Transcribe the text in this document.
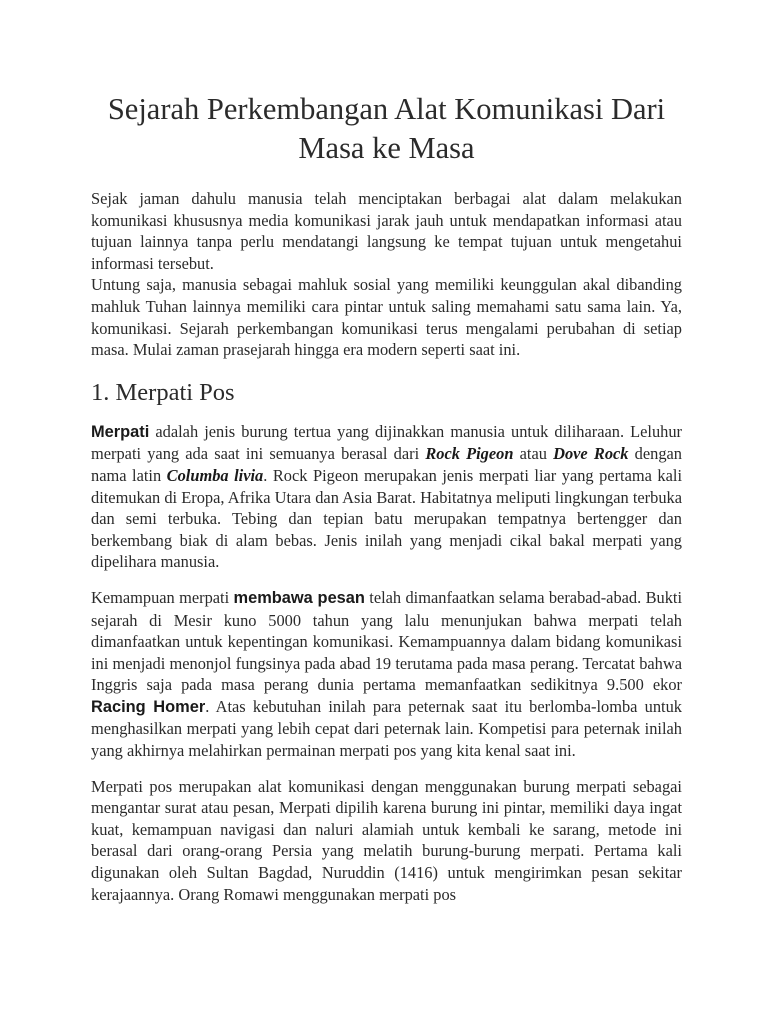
Sejarah Perkembangan Alat Komunikasi Dari
Masa ke Masa

Sejak jaman dahulu manusia telah menciptakan berbagai alat dalam melakukan komunikasi khususnya media komunikasi jarak jauh untuk mendapatkan informasi atau tujuan lainnya tanpa perlu mendatangi langsung ke tempat tujuan untuk mengetahui informasi tersebut.

Untung saja, manusia sebagai mahluk sosial yang memiliki keunggulan akal dibanding mahluk Tuhan lainnya memiliki cara pintar untuk saling memahami satu sama lain. Ya, komunikasi. Sejarah perkembangan komunikasi terus mengalami perubahan di setiap masa. Mulai zaman prasejarah hingga era modern seperti saat ini.

1. Merpati Pos

Merpati adalah jenis burung tertua yang dijinakkan manusia untuk diliharaan. Leluhur merpati yang ada saat ini semuanya berasal dari Rock Pigeon atau Dove Rock dengan nama latin Columba livia. Rock Pigeon merupakan jenis merpati liar yang pertama kali ditemukan di Eropa, Afrika Utara dan Asia Barat. Habitatnya meliputi lingkungan terbuka dan semi terbuka. Tebing dan tepian batu merupakan tempatnya bertengger dan berkembang biak di alam bebas. Jenis inilah yang menjadi cikal bakal merpati yang dipelihara manusia.

Kemampuan merpati membawa pesan telah dimanfaatkan selama berabad-abad. Bukti sejarah di Mesir kuno 5000 tahun yang lalu menunjukan bahwa merpati telah dimanfaatkan untuk kepentingan komunikasi. Kemampuannya dalam bidang komunikasi ini menjadi menonjol fungsinya pada abad 19 terutama pada masa perang. Tercatat bahwa Inggris saja pada masa perang dunia pertama memanfaatkan sedikitnya 9.500 ekor Racing Homer. Atas kebutuhan inilah para peternak saat itu berlomba-lomba untuk menghasilkan merpati yang lebih cepat dari peternak lain. Kompetisi para peternak inilah yang akhirnya melahirkan permainan merpati pos yang kita kenal saat ini.

Merpati pos merupakan alat komunikasi dengan menggunakan burung merpati sebagai mengantar surat atau pesan, Merpati dipilih karena burung ini pintar, memiliki daya ingat kuat, kemampuan navigasi dan naluri alamiah untuk kembali ke sarang, metode ini berasal dari orang-orang Persia yang melatih burung-burung merpati. Pertama kali digunakan oleh Sultan Bagdad, Nuruddin (1416) untuk mengirimkan pesan sekitar kerajaannya. Orang Romawi menggunakan merpati pos
